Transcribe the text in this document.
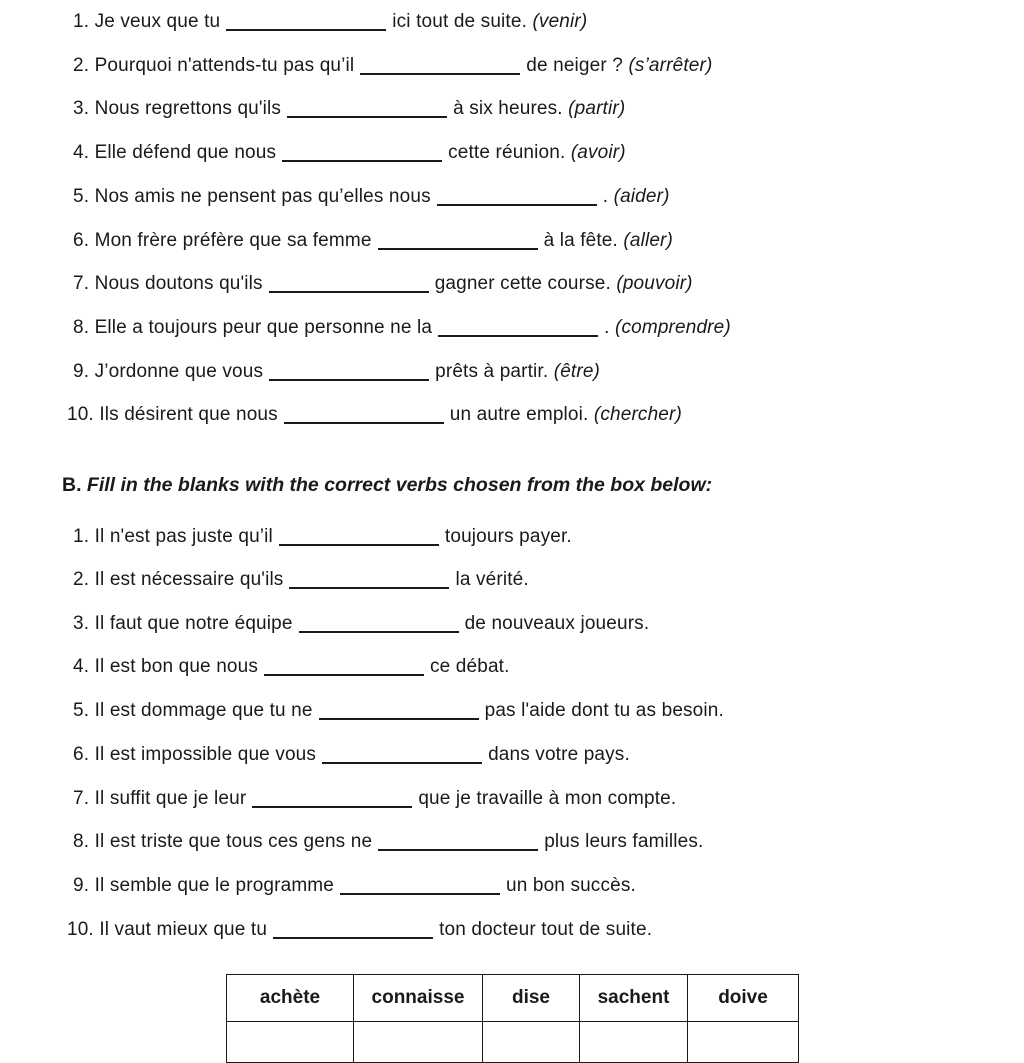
1. Je veux que tu	ici tout de suite. (venir)
2. Pourquoi n'attends-tu pas qu’il	de neiger ? (s’arrêter)
3. Nous regrettons qu'ils	à six heures. (partir)
4. Elle défend que nous	cette réunion. (avoir)
5. Nos amis ne pensent pas qu’elles nous	. (aider)
6. Mon frère préfère que sa femme	à la fête. (aller)
7. Nous doutons qu'ils	gagner cette course. (pouvoir)
8. Elle a toujours peur que personne ne la	. (comprendre)
9. J’ordonne que vous	prêts à partir. (être)
10. Ils désirent que nous	un autre emploi. (chercher)
B. Fill in the blanks with the correct verbs chosen from the box below:
1. Il n'est pas juste qu’il	toujours payer.
2. Il est nécessaire qu'ils	la vérité.
3. Il faut que notre équipe	de nouveaux joueurs.
4. Il est bon que nous	ce débat.
5. Il est dommage que tu ne	pas l'aide dont tu as besoin.
6. Il est impossible que vous	dans votre pays.
7. Il suffit que je leur	que je travaille à mon compte.
8. Il est triste que tous ces gens ne	plus leurs familles.
9. Il semble que le programme	un bon succès.
10. Il vaut mieux que tu	ton docteur tout de suite.
achète	connaisse	dise	sachent	doive
